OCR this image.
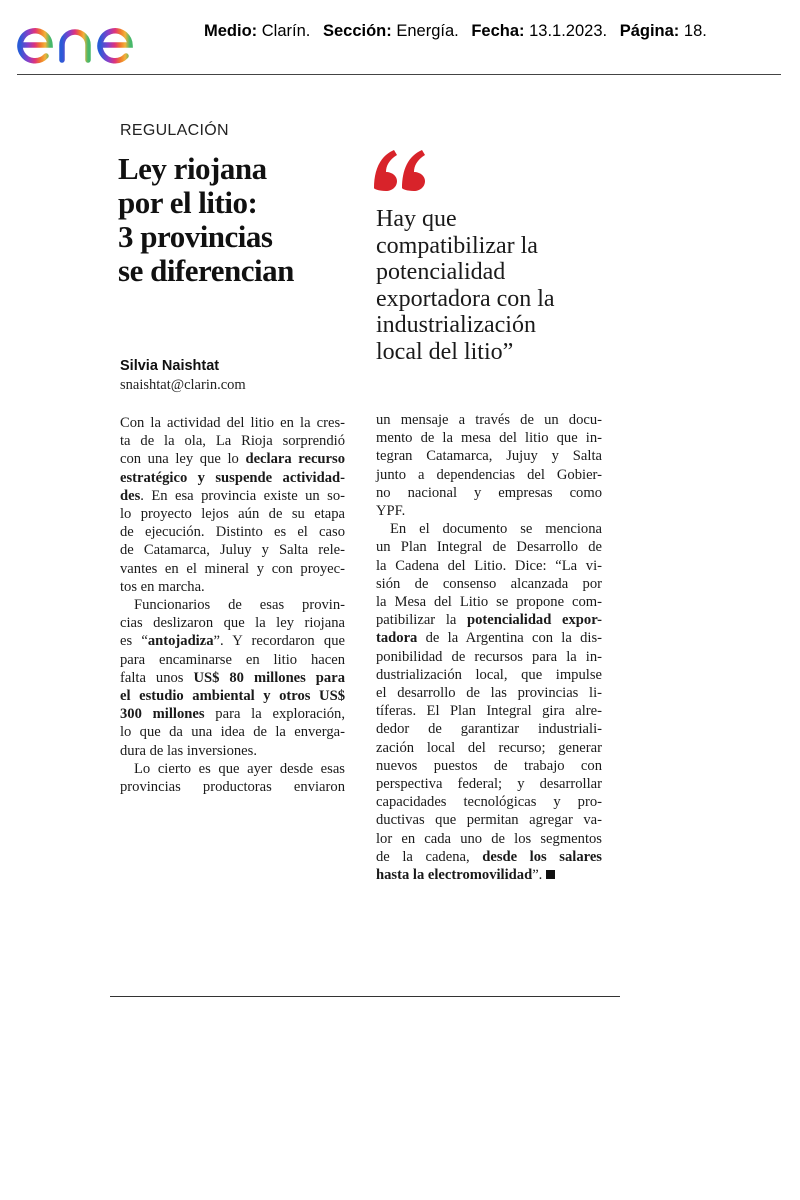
Medio: Clarín. Sección: Energía. Fecha: 13.1.2023. Página: 18.
REGULACIÓN
Ley riojana
por el litio:
3 provincias
se diferencian
Hay que
compatibilizar la
potencialidad
exportadora con la
industrialización
local del litio”
Silvia Naishtat
snaishtat@clarin.com
Con la actividad del litio en la cres-
ta de la ola, La Rioja sorprendió
con una ley que lo declara recurso
estratégico y suspende actividad-
des. En esa provincia existe un so-
lo proyecto lejos aún de su etapa
de ejecución. Distinto es el caso
de Catamarca, Juluy y Salta rele-
vantes en el mineral y con proyec-
tos en marcha.
Funcionarios de esas provin-
cias deslizaron que la ley riojana
es “antojadiza”. Y recordaron que
para encaminarse en litio hacen
falta unos US$ 80 millones para
el estudio ambiental y otros US$
300 millones para la exploración,
lo que da una idea de la envergа-
dura de las inversiones.
Lo cierto es que ayer desde esas
provincias productoras enviaron
un mensaje a través de un docu-
mento de la mesa del litio que in-
tegran Catamarca, Jujuy y Salta
junto a dependencias del Gobier-
no nacional y empresas como
YPF.
En el documento se menciona
un Plan Integral de Desarrollo de
la Cadena del Litio. Dice: “La vi-
sión de consenso alcanzada por
la Mesa del Litio se propone com-
patibilizar la potencialidad expor-
tadora de la Argentina con la dis-
ponibilidad de recursos para la in-
dustrialización local, que impulse
el desarrollo de las provincias li-
tíferas. El Plan Integral gira alre-
dedor de garantizar industriali-
zación local del recurso; generar
nuevos puestos de trabajo con
perspectiva federal; y desarrollar
capacidades tecnológicas y pro-
ductivas que permitan agregar va-
lor en cada uno de los segmentos
de la cadena, desde los salares
hasta la electromovilidad”.
